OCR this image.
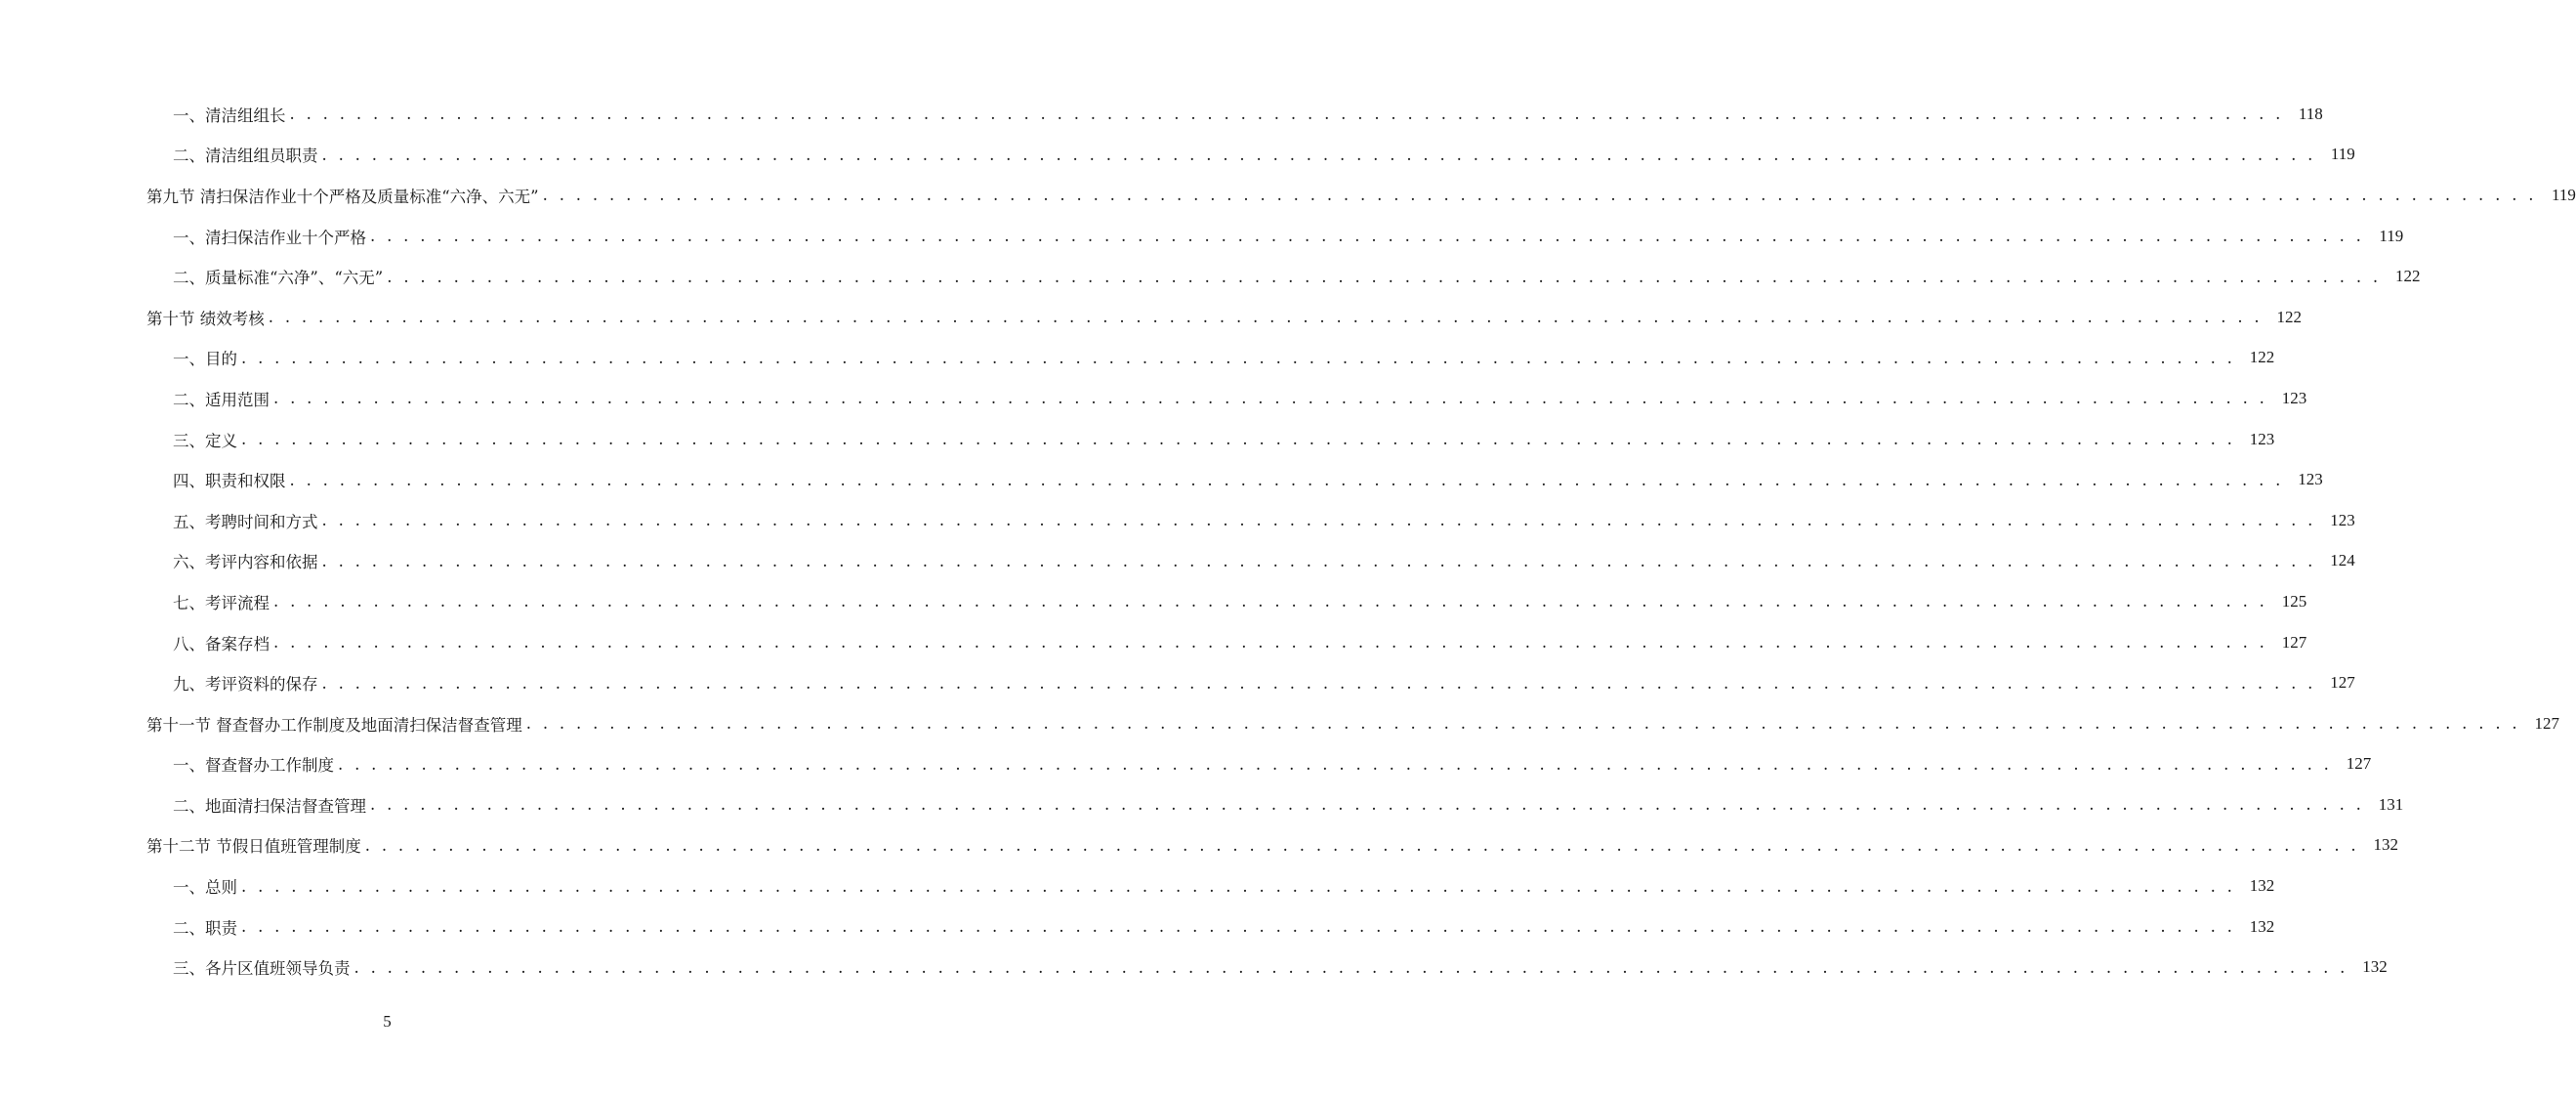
一、清洁组组长 . . . . . . . . . . . . . . . . . . . . . . . . . . . . . . . . . . . . . . . . . . . . . . . . . . . . . . . . . . . . . . . . . . . . . . . . . . . . . . . . . . . . . . . . . . . . . . . . . . . . . . . . . . . . . . . . . . . . . . . . 118
二、清洁组组员职责 . . . . . . . . . . . . . . . . . . . . . . . . . . . . . . . . . . . . . . . . . . . . . . . . . . . . . . . . . . . . . . . . . . . . . . . . . . . . . . . . . . . . . . . . . . . . . . . . . . . . . . . . . . . . . . . . . . . . . . . . 119
第九节 清扫保洁作业十个严格及质量标准“六净、六无” . . . . . . . . . . . . . . . . . . . . . . . . . . . . . . . . . . . . . . . . . . . . . . . . . . . . . . . . . . . . . . . . . . . . . . . . . . . . . . . . . . . . . . . . . . . . . . . . . . . . . . . . . . . . . . . . . . . . . . . . 119
一、清扫保洁作业十个严格 . . . . . . . . . . . . . . . . . . . . . . . . . . . . . . . . . . . . . . . . . . . . . . . . . . . . . . . . . . . . . . . . . . . . . . . . . . . . . . . . . . . . . . . . . . . . . . . . . . . . . . . . . . . . . . . . . . . . . . . . 119
二、质量标准“六净”、“六无” . . . . . . . . . . . . . . . . . . . . . . . . . . . . . . . . . . . . . . . . . . . . . . . . . . . . . . . . . . . . . . . . . . . . . . . . . . . . . . . . . . . . . . . . . . . . . . . . . . . . . . . . . . . . . . . . . . . . . . . . 122
第十节 绩效考核 . . . . . . . . . . . . . . . . . . . . . . . . . . . . . . . . . . . . . . . . . . . . . . . . . . . . . . . . . . . . . . . . . . . . . . . . . . . . . . . . . . . . . . . . . . . . . . . . . . . . . . . . . . . . . . . . . . . . . . . . 122
一、目的 . . . . . . . . . . . . . . . . . . . . . . . . . . . . . . . . . . . . . . . . . . . . . . . . . . . . . . . . . . . . . . . . . . . . . . . . . . . . . . . . . . . . . . . . . . . . . . . . . . . . . . . . . . . . . . . . . . . . . . . . 122
二、适用范围 . . . . . . . . . . . . . . . . . . . . . . . . . . . . . . . . . . . . . . . . . . . . . . . . . . . . . . . . . . . . . . . . . . . . . . . . . . . . . . . . . . . . . . . . . . . . . . . . . . . . . . . . . . . . . . . . . . . . . . . . 123
三、定义 . . . . . . . . . . . . . . . . . . . . . . . . . . . . . . . . . . . . . . . . . . . . . . . . . . . . . . . . . . . . . . . . . . . . . . . . . . . . . . . . . . . . . . . . . . . . . . . . . . . . . . . . . . . . . . . . . . . . . . . . 123
四、职责和权限 . . . . . . . . . . . . . . . . . . . . . . . . . . . . . . . . . . . . . . . . . . . . . . . . . . . . . . . . . . . . . . . . . . . . . . . . . . . . . . . . . . . . . . . . . . . . . . . . . . . . . . . . . . . . . . . . . . . . . . . . 123
五、考聘时间和方式 . . . . . . . . . . . . . . . . . . . . . . . . . . . . . . . . . . . . . . . . . . . . . . . . . . . . . . . . . . . . . . . . . . . . . . . . . . . . . . . . . . . . . . . . . . . . . . . . . . . . . . . . . . . . . . . . . . . . . . . . 123
六、考评内容和依据 . . . . . . . . . . . . . . . . . . . . . . . . . . . . . . . . . . . . . . . . . . . . . . . . . . . . . . . . . . . . . . . . . . . . . . . . . . . . . . . . . . . . . . . . . . . . . . . . . . . . . . . . . . . . . . . . . . . . . . . . 124
七、考评流程 . . . . . . . . . . . . . . . . . . . . . . . . . . . . . . . . . . . . . . . . . . . . . . . . . . . . . . . . . . . . . . . . . . . . . . . . . . . . . . . . . . . . . . . . . . . . . . . . . . . . . . . . . . . . . . . . . . . . . . . . 125
八、备案存档 . . . . . . . . . . . . . . . . . . . . . . . . . . . . . . . . . . . . . . . . . . . . . . . . . . . . . . . . . . . . . . . . . . . . . . . . . . . . . . . . . . . . . . . . . . . . . . . . . . . . . . . . . . . . . . . . . . . . . . . . 127
九、考评资料的保存 . . . . . . . . . . . . . . . . . . . . . . . . . . . . . . . . . . . . . . . . . . . . . . . . . . . . . . . . . . . . . . . . . . . . . . . . . . . . . . . . . . . . . . . . . . . . . . . . . . . . . . . . . . . . . . . . . . . . . . . . 127
第十一节 督查督办工作制度及地面清扫保洁督查管理 . . . . . . . . . . . . . . . . . . . . . . . . . . . . . . . . . . . . . . . . . . . . . . . . . . . . . . . . . . . . . . . . . . . . . . . . . . . . . . . . . . . . . . . . . . . . . . . . . . . . . . . . . . . . . . . . . . . . . . . . 127
一、督查督办工作制度 . . . . . . . . . . . . . . . . . . . . . . . . . . . . . . . . . . . . . . . . . . . . . . . . . . . . . . . . . . . . . . . . . . . . . . . . . . . . . . . . . . . . . . . . . . . . . . . . . . . . . . . . . . . . . . . . . . . . . . . . 127
二、地面清扫保洁督查管理 . . . . . . . . . . . . . . . . . . . . . . . . . . . . . . . . . . . . . . . . . . . . . . . . . . . . . . . . . . . . . . . . . . . . . . . . . . . . . . . . . . . . . . . . . . . . . . . . . . . . . . . . . . . . . . . . . . . . . . . . 131
第十二节 节假日值班管理制度 . . . . . . . . . . . . . . . . . . . . . . . . . . . . . . . . . . . . . . . . . . . . . . . . . . . . . . . . . . . . . . . . . . . . . . . . . . . . . . . . . . . . . . . . . . . . . . . . . . . . . . . . . . . . . . . . . . . . . . . . 132
一、总则 . . . . . . . . . . . . . . . . . . . . . . . . . . . . . . . . . . . . . . . . . . . . . . . . . . . . . . . . . . . . . . . . . . . . . . . . . . . . . . . . . . . . . . . . . . . . . . . . . . . . . . . . . . . . . . . . . . . . . . . . 132
二、职责 . . . . . . . . . . . . . . . . . . . . . . . . . . . . . . . . . . . . . . . . . . . . . . . . . . . . . . . . . . . . . . . . . . . . . . . . . . . . . . . . . . . . . . . . . . . . . . . . . . . . . . . . . . . . . . . . . . . . . . . . 132
三、各片区值班领导负责 . . . . . . . . . . . . . . . . . . . . . . . . . . . . . . . . . . . . . . . . . . . . . . . . . . . . . . . . . . . . . . . . . . . . . . . . . . . . . . . . . . . . . . . . . . . . . . . . . . . . . . . . . . . . . . . . . . . . . . . . 132
5
